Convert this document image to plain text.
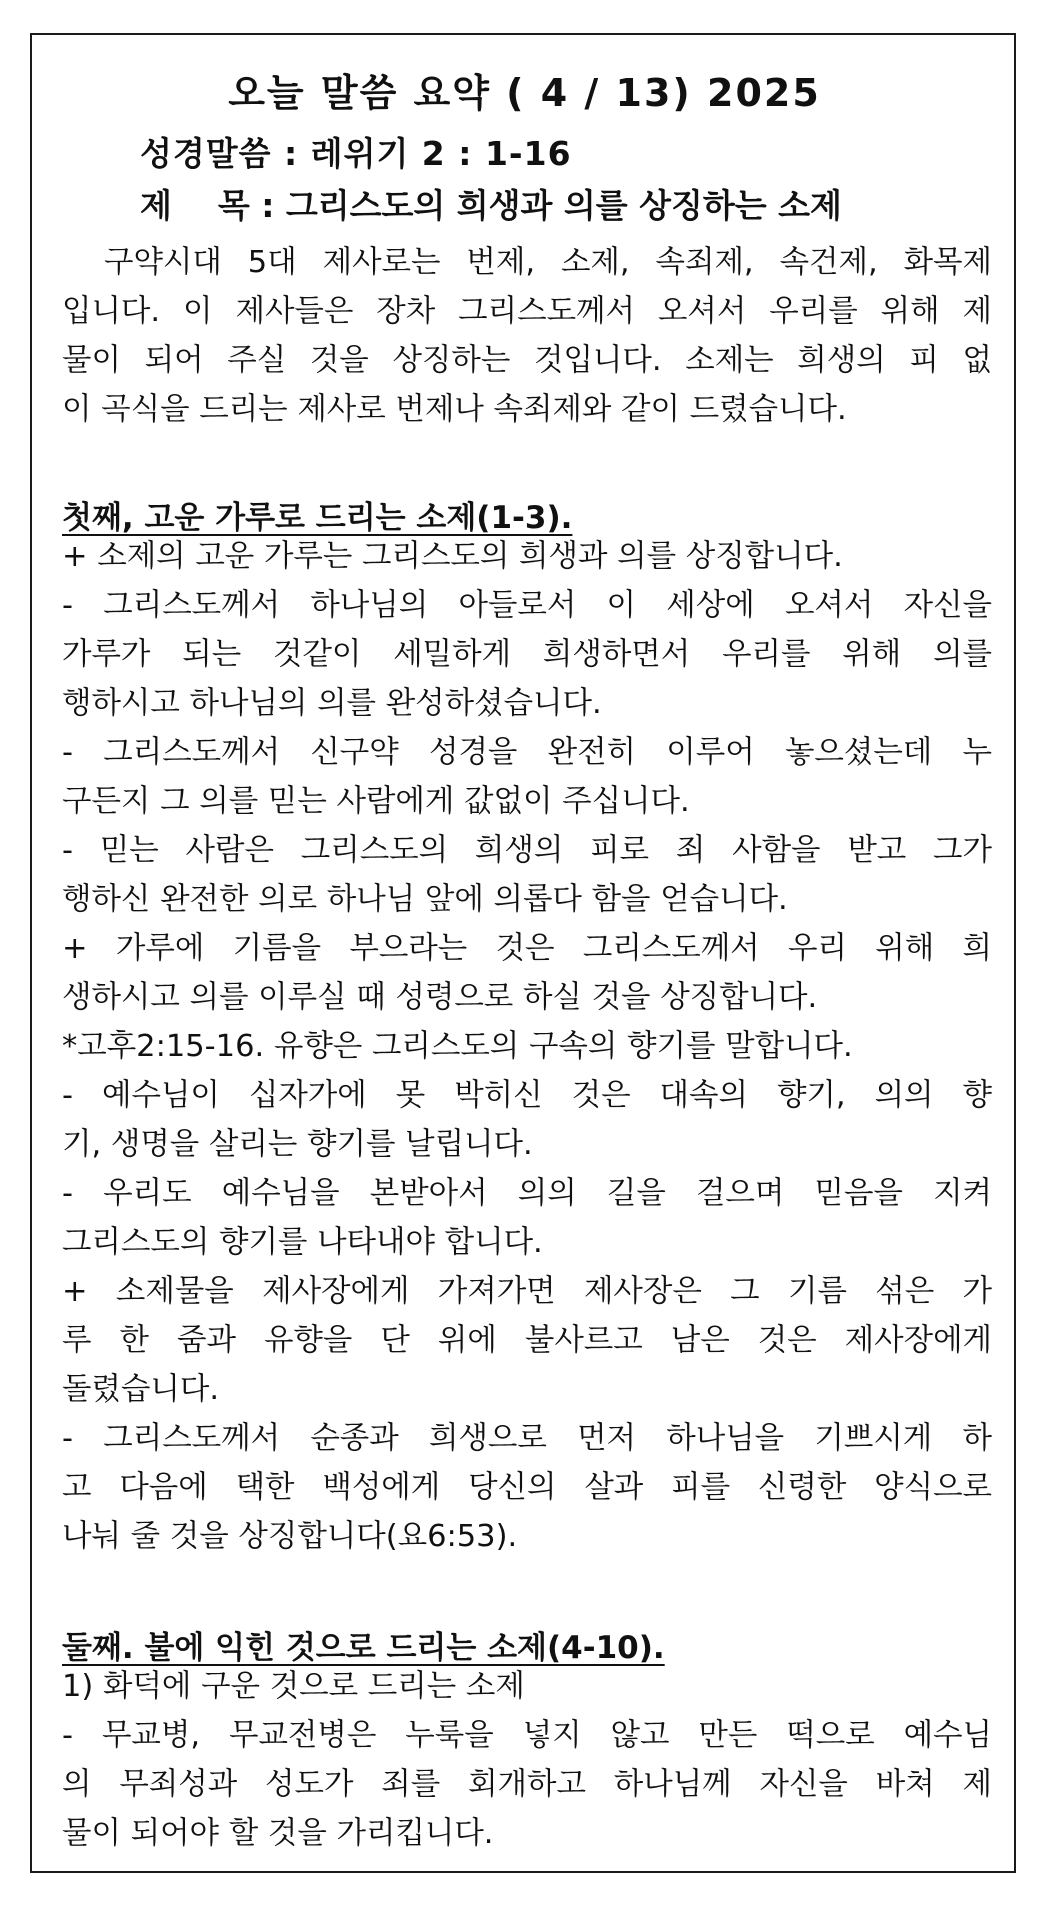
오늘 말씀 요약 ( 4 / 13) 2025
성경말씀 : 레위기 2 : 1-16
제    목 : 그리스도의 희생과 의를 상징하는 소제
구약시대 5대 제사로는 번제, 소제, 속죄제, 속건제, 화목제
입니다. 이 제사들은 장차 그리스도께서 오셔서 우리를 위해 제
물이 되어 주실 것을 상징하는 것입니다. 소제는 희생의 피 없
이 곡식을 드리는 제사로 번제나 속죄제와 같이 드렸습니다.
첫째, 고운 가루로 드리는 소제(1-3).
+ 소제의 고운 가루는 그리스도의 희생과 의를 상징합니다.
- 그리스도께서 하나님의 아들로서 이 세상에 오셔서 자신을
가루가 되는 것같이 세밀하게 희생하면서 우리를 위해 의를
행하시고 하나님의 의를 완성하셨습니다.
- 그리스도께서 신구약 성경을 완전히 이루어 놓으셨는데 누
구든지 그 의를 믿는 사람에게 값없이 주십니다.
- 믿는 사람은 그리스도의 희생의 피로 죄 사함을 받고 그가
행하신 완전한 의로 하나님 앞에 의롭다 함을 얻습니다.
+ 가루에 기름을 부으라는 것은 그리스도께서 우리 위해 희
생하시고 의를 이루실 때 성령으로 하실 것을 상징합니다.
*고후2:15-16. 유향은 그리스도의 구속의 향기를 말합니다.
- 예수님이 십자가에 못 박히신 것은 대속의 향기, 의의 향
기, 생명을 살리는 향기를 날립니다.
- 우리도 예수님을 본받아서 의의 길을 걸으며 믿음을 지켜
그리스도의 향기를 나타내야 합니다.
+ 소제물을 제사장에게 가져가면 제사장은 그 기름 섞은 가
루 한 줌과 유향을 단 위에 불사르고 남은 것은 제사장에게
돌렸습니다.
- 그리스도께서 순종과 희생으로 먼저 하나님을 기쁘시게 하
고 다음에 택한 백성에게 당신의 살과 피를 신령한 양식으로
나눠 줄 것을 상징합니다(요6:53).
둘째. 불에 익힌 것으로 드리는 소제(4-10).
1) 화덕에 구운 것으로 드리는 소제
- 무교병, 무교전병은 누룩을 넣지 않고 만든 떡으로 예수님
의 무죄성과 성도가 죄를 회개하고 하나님께 자신을 바쳐 제
물이 되어야 할 것을 가리킵니다.
